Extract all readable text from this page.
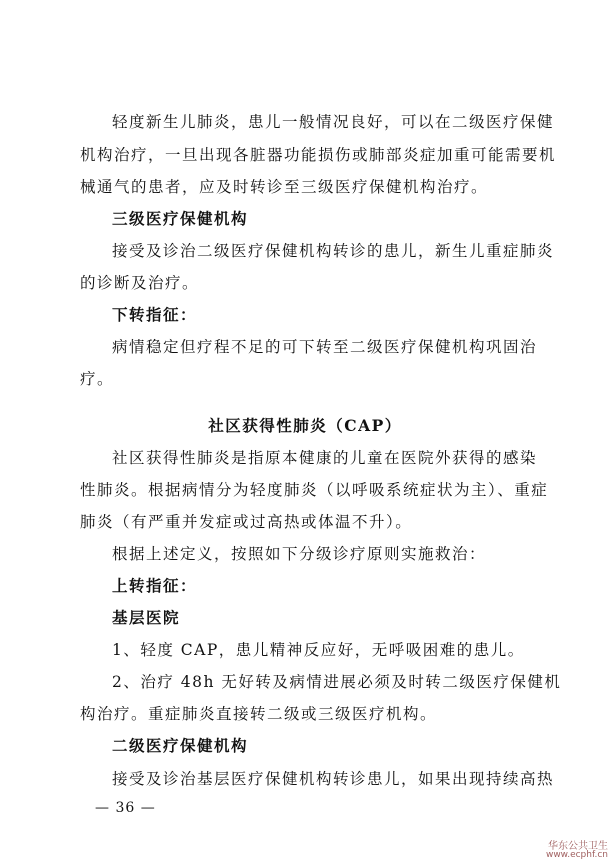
轻度新生儿肺炎，患儿一般情况良好，可以在二级医疗保健
机构治疗，一旦出现各脏器功能损伤或肺部炎症加重可能需要机
械通气的患者，应及时转诊至三级医疗保健机构治疗。
三级医疗保健机构
接受及诊治二级医疗保健机构转诊的患儿，新生儿重症肺炎
的诊断及治疗。
下转指征：
病情稳定但疗程不足的可下转至二级医疗保健机构巩固治
疗。
社区获得性肺炎（CAP）
社区获得性肺炎是指原本健康的儿童在医院外获得的感染
性肺炎。根据病情分为轻度肺炎（以呼吸系统症状为主）、重症
肺炎（有严重并发症或过高热或体温不升）。
根据上述定义，按照如下分级诊疗原则实施救治：
上转指征：
基层医院
1、轻度 CAP，患儿精神反应好，无呼吸困难的患儿。
2、治疗 48h 无好转及病情进展必须及时转二级医疗保健机
构治疗。重症肺炎直接转二级或三级医疗机构。
二级医疗保健机构
接受及诊治基层医疗保健机构转诊患儿，如果出现持续高热
— 36 —
华东公共卫生
www.ecphf.cn
